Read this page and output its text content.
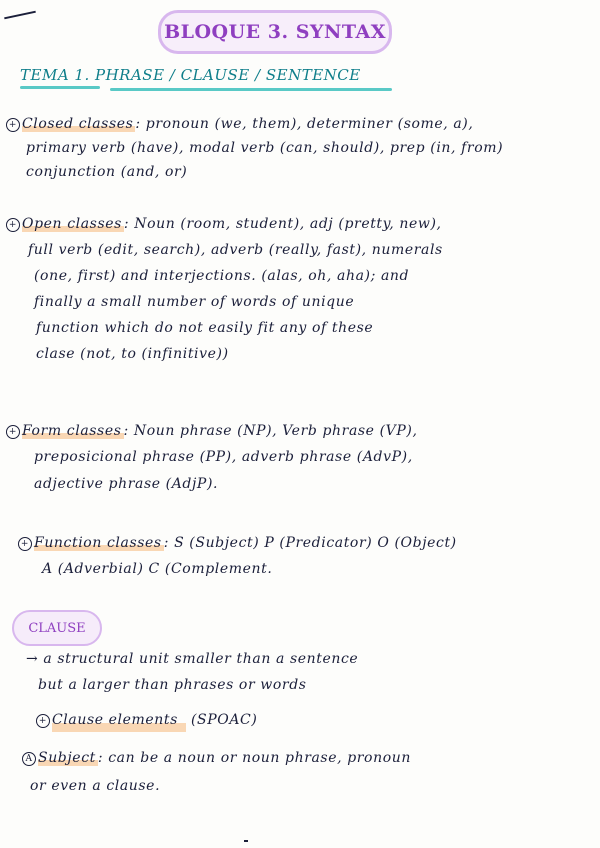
BLOQUE 3. SYNTAX
TEMA 1. PHRASE / CLAUSE / SENTENCE
+ Closed classes : pronoun (we, them), determiner (some, a),
primary verb (have), modal verb (can, should), prep (in, from)
conjunction (and, or)
+ Open classes : Noun (room, student), adj (pretty, new),
full verb (edit, search), adverb (really, fast), numerals
(one, first) and interjections. (alas, oh, aha); and
finally a small number of words of unique
function which do not easily fit any of these
clase (not, to (infinitive))
+ Form classes : Noun phrase (NP), Verb phrase (VP),
preposicional phrase (PP), adverb phrase (AdvP),
adjective phrase (AdjP).
+ Function classes : S (Subject) P (Predicator) O (Object)
A (Adverbial) C (Complement.
CLAUSE
→ a structural unit smaller than a sentence
but a larger than phrases or words
+ Clause elements (SPOAC)
A Subject : can be a noun or noun phrase, pronoun
or even a clause.
